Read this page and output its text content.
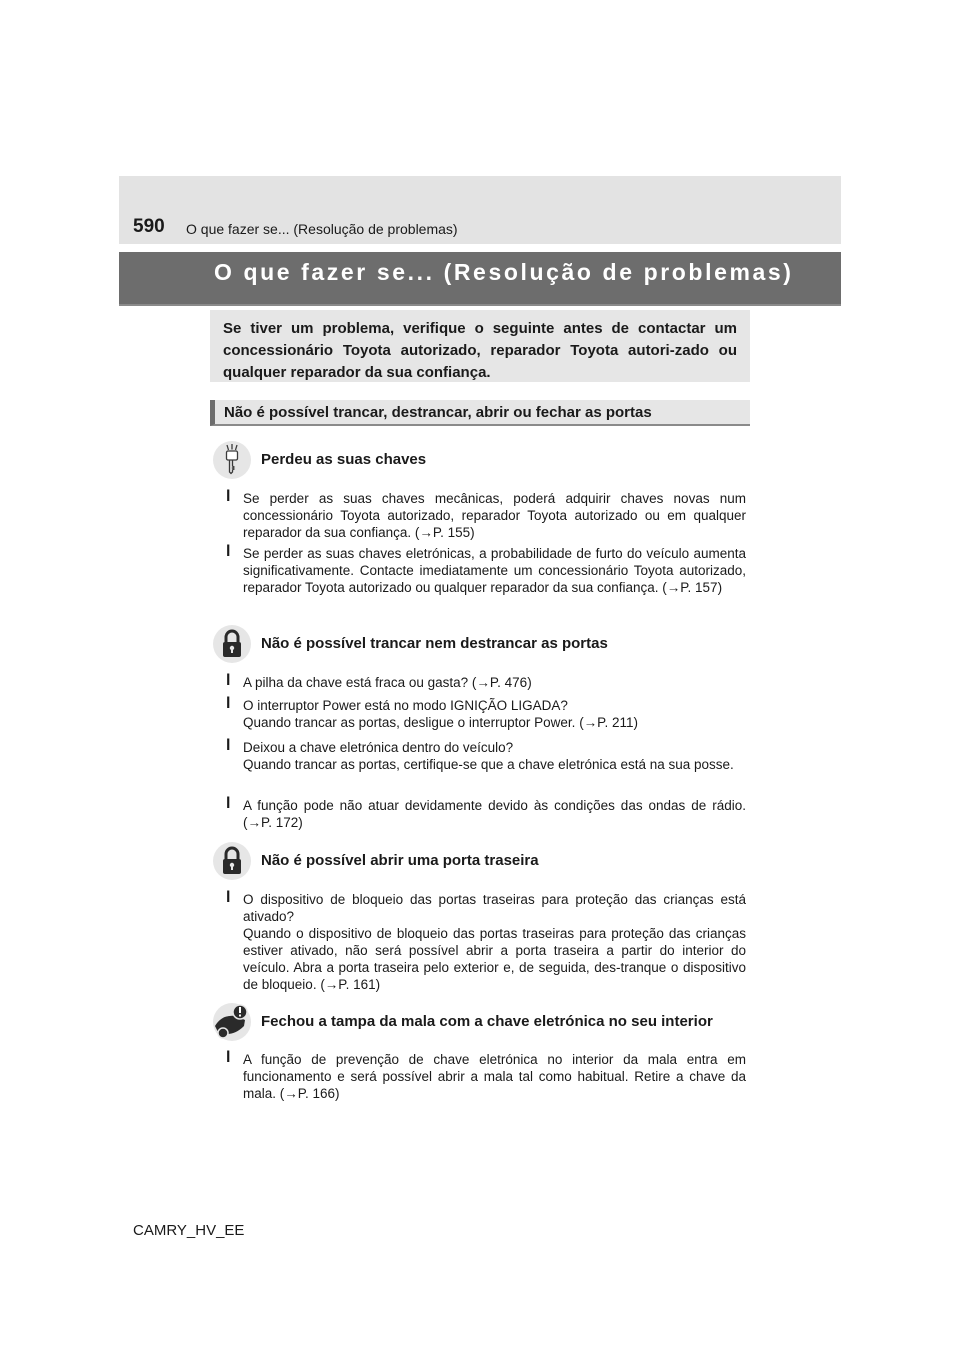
590 O que fazer se... (Resolução de problemas)
O que fazer se... (Resolução de problemas)

Se tiver um problema, verifique o seguinte antes de contactar um concessionário Toyota autorizado, reparador Toyota autori-zado ou qualquer reparador da sua confiança.

Não é possível trancar, destrancar, abrir ou fechar as portas
Perdeu as suas chaves
l Se perder as suas chaves mecânicas, poderá adquirir chaves novas num concessionário Toyota autorizado, reparador Toyota autorizado ou em qualquer reparador da sua confiança. (→P. 155)
l Se perder as suas chaves eletrónicas, a probabilidade de furto do veículo aumenta significativamente. Contacte imediatamente um concessionário Toyota autorizado, reparador Toyota autorizado ou qualquer reparador da sua confiança. (→P. 157)
Não é possível trancar nem destrancar as portas
l A pilha da chave está fraca ou gasta? (→P. 476)
l O interruptor Power está no modo IGNIÇÃO LIGADA?
Quando trancar as portas, desligue o interruptor Power. (→P. 211)
l Deixou a chave eletrónica dentro do veículo?
Quando trancar as portas, certifique-se que a chave eletrónica está na sua posse.
l A função pode não atuar devidamente devido às condições das ondas de rádio. (→P. 172)
Não é possível abrir uma porta traseira
l O dispositivo de bloqueio das portas traseiras para proteção das crianças está ativado?
Quando o dispositivo de bloqueio das portas traseiras para proteção das crianças estiver ativado, não será possível abrir a porta traseira a partir do interior do veículo. Abra a porta traseira pelo exterior e, de seguida, des-tranque o dispositivo de bloqueio. (→P. 161)
Fechou a tampa da mala com a chave eletrónica no seu interior
l A função de prevenção de chave eletrónica no interior da mala entra em funcionamento e será possível abrir a mala tal como habitual. Retire a chave da mala. (→P. 166)
CAMRY_HV_EE
